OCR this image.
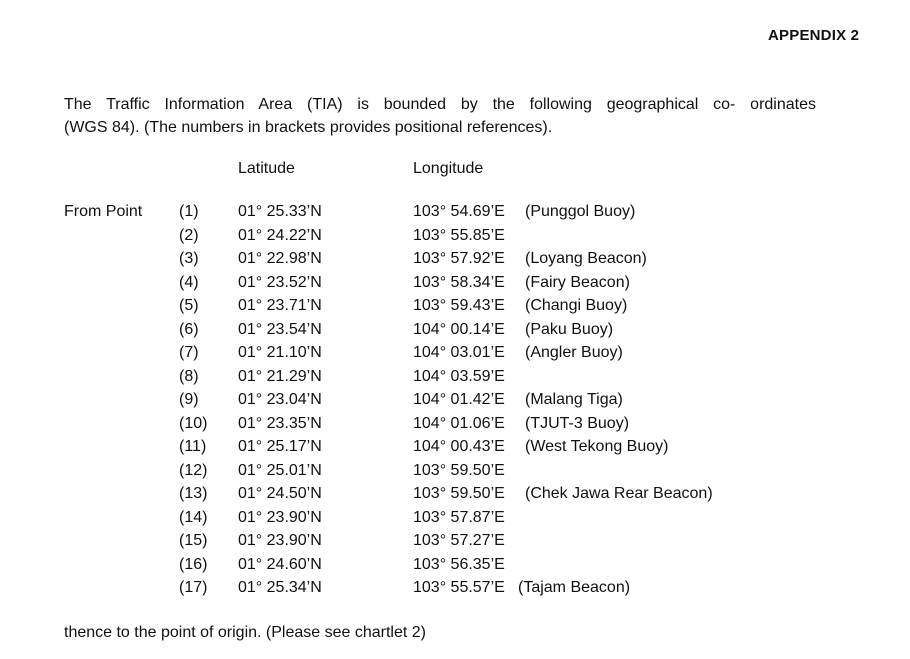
APPENDIX 2
The Traffic Information Area (TIA) is bounded by the following geographical co- ordinates
(WGS 84). (The numbers in brackets provides positional references).
Latitude	Longitude
From Point (1) 01° 25.33’N	103° 54.69’E (Punggol Buoy)
(2) 01° 24.22’N	103° 55.85’E
(3) 01° 22.98’N	103° 57.92’E (Loyang Beacon)
(4) 01° 23.52’N	103° 58.34’E (Fairy Beacon)
(5) 01° 23.71’N	103° 59.43’E (Changi Buoy)
(6) 01° 23.54’N	104° 00.14’E (Paku Buoy)
(7) 01° 21.10’N	104° 03.01’E (Angler Buoy)
(8) 01° 21.29’N	104° 03.59’E
(9) 01° 23.04’N	104° 01.42’E (Malang Tiga)
(10) 01° 23.35’N	104° 01.06’E (TJUT-3 Buoy)
(11) 01° 25.17’N	104° 00.43’E (West Tekong Buoy)
(12) 01° 25.01’N	103° 59.50’E
(13) 01° 24.50’N	103° 59.50’E (Chek Jawa Rear Beacon)
(14) 01° 23.90’N	103° 57.87’E
(15) 01° 23.90’N	103° 57.27’E
(16) 01° 24.60’N	103° 56.35’E
(17) 01° 25.34’N	103° 55.57’E (Tajam Beacon)
thence to the point of origin. (Please see chartlet 2)
